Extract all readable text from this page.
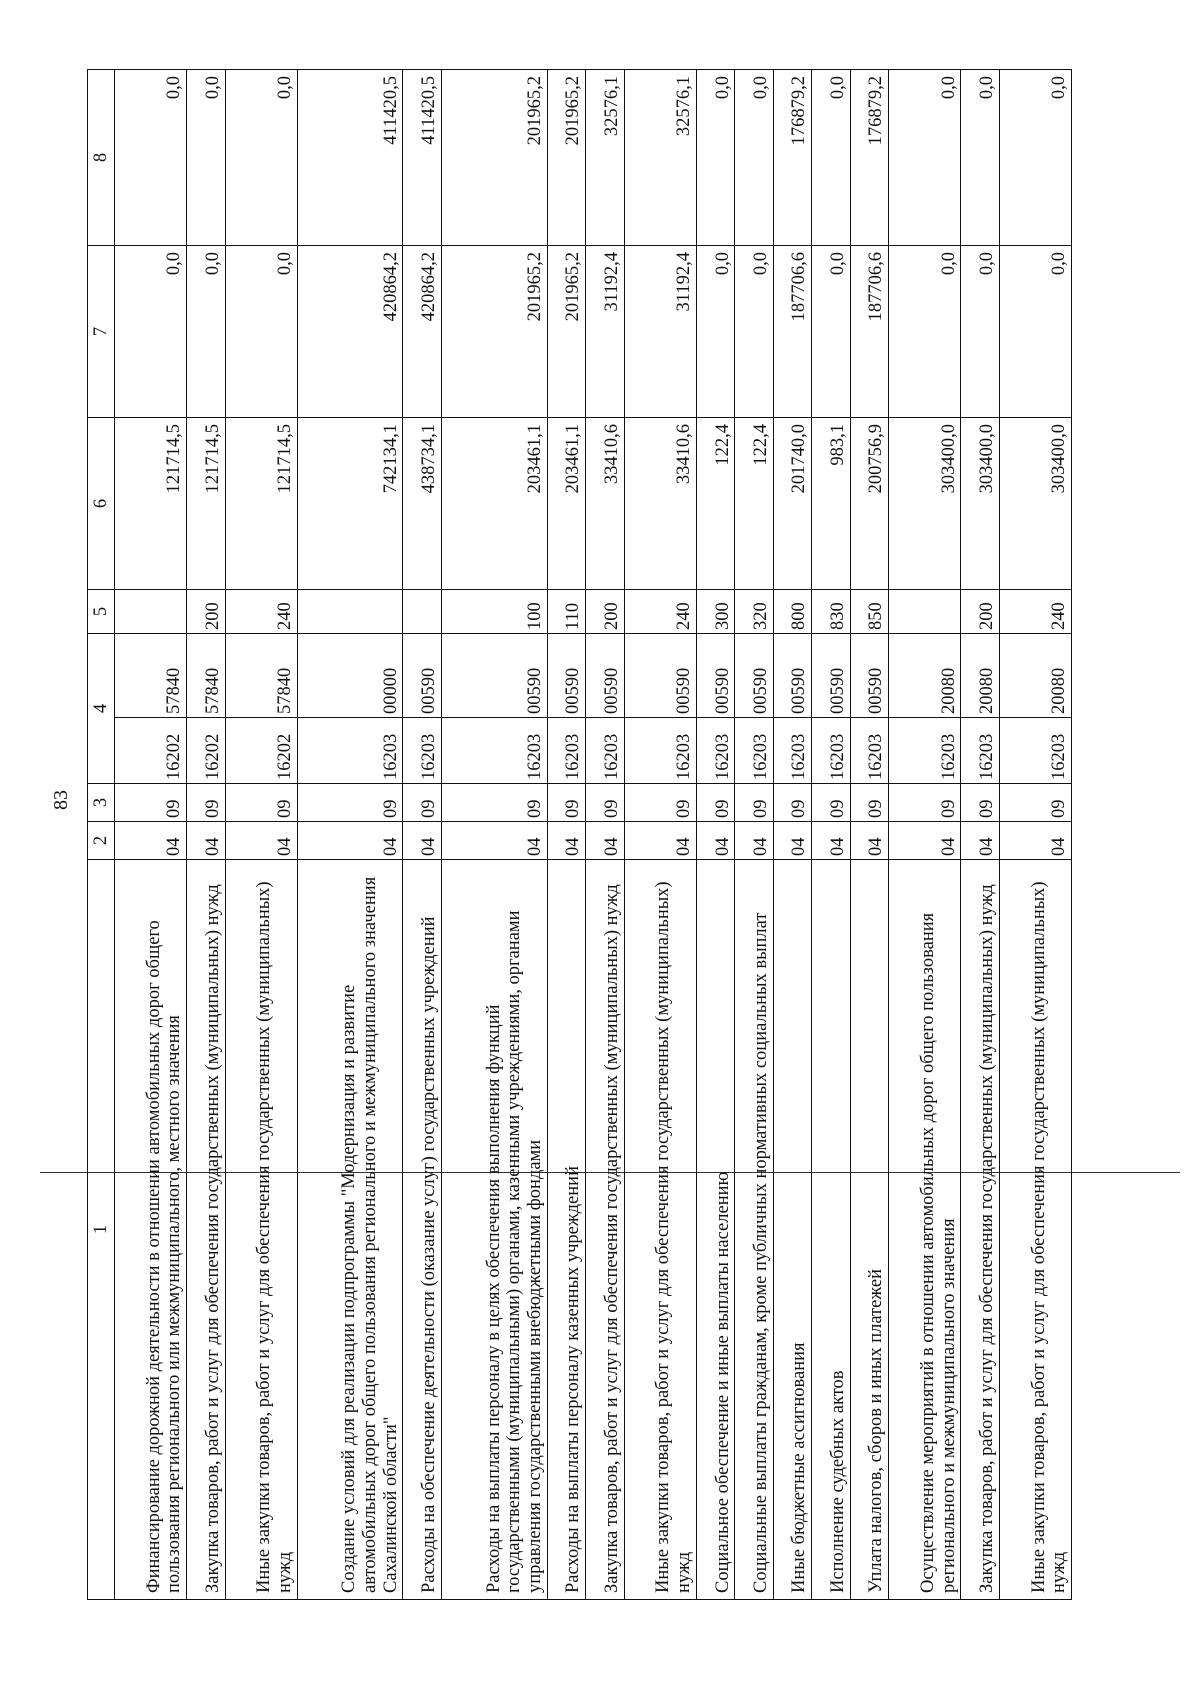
83
1	2	3	4		5	6	7	8
Финансирование дорожной деятельности в отношении автомобильных дорог общего пользования регионального или межмуниципального, местного значения	04	09	16202	57840		121714,5	0,0	0,0
Закупка товаров, работ и услуг для обеспечения государственных (муниципальных) нужд	04	09	16202	57840	200	121714,5	0,0	0,0
Иные закупки товаров, работ и услуг для обеспечения государственных (муниципальных) нужд	04	09	16202	57840	240	121714,5	0,0	0,0
Создание условий для реализации подпрограммы "Модернизация и развитие автомобильных дорог общего пользования регионального и межмуниципального значения Сахалинской области"	04	09	16203	00000		742134,1	420864,2	411420,5
Расходы на обеспечение деятельности (оказание услуг) государственных учреждений	04	09	16203	00590		438734,1	420864,2	411420,5
Расходы на выплаты персоналу в целях обеспечения выполнения функций государственными (муниципальными) органами, казенными учреждениями, органами управления государственными внебюджетными фондами	04	09	16203	00590	100	203461,1	201965,2	201965,2
Расходы на выплаты персоналу казенных учреждений	04	09	16203	00590	110	203461,1	201965,2	201965,2
Закупка товаров, работ и услуг для обеспечения государственных (муниципальных) нужд	04	09	16203	00590	200	33410,6	31192,4	32576,1
Иные закупки товаров, работ и услуг для обеспечения государственных (муниципальных) нужд	04	09	16203	00590	240	33410,6	31192,4	32576,1
Социальное обеспечение и иные выплаты населению	04	09	16203	00590	300	122,4	0,0	0,0
Социальные выплаты гражданам, кроме публичных нормативных социальных выплат	04	09	16203	00590	320	122,4	0,0	0,0
Иные бюджетные ассигнования	04	09	16203	00590	800	201740,0	187706,6	176879,2
Исполнение судебных актов	04	09	16203	00590	830	983,1	0,0	0,0
Уплата налогов, сборов и иных платежей	04	09	16203	00590	850	200756,9	187706,6	176879,2
Осуществление мероприятий в отношении автомобильных дорог общего пользования регионального и межмуниципального значения	04	09	16203	20080		303400,0	0,0	0,0
Закупка товаров, работ и услуг для обеспечения государственных (муниципальных) нужд	04	09	16203	20080	200	303400,0	0,0	0,0
Иные закупки товаров, работ и услуг для обеспечения государственных (муниципальных) нужд	04	09	16203	20080	240	303400,0	0,0	0,0
